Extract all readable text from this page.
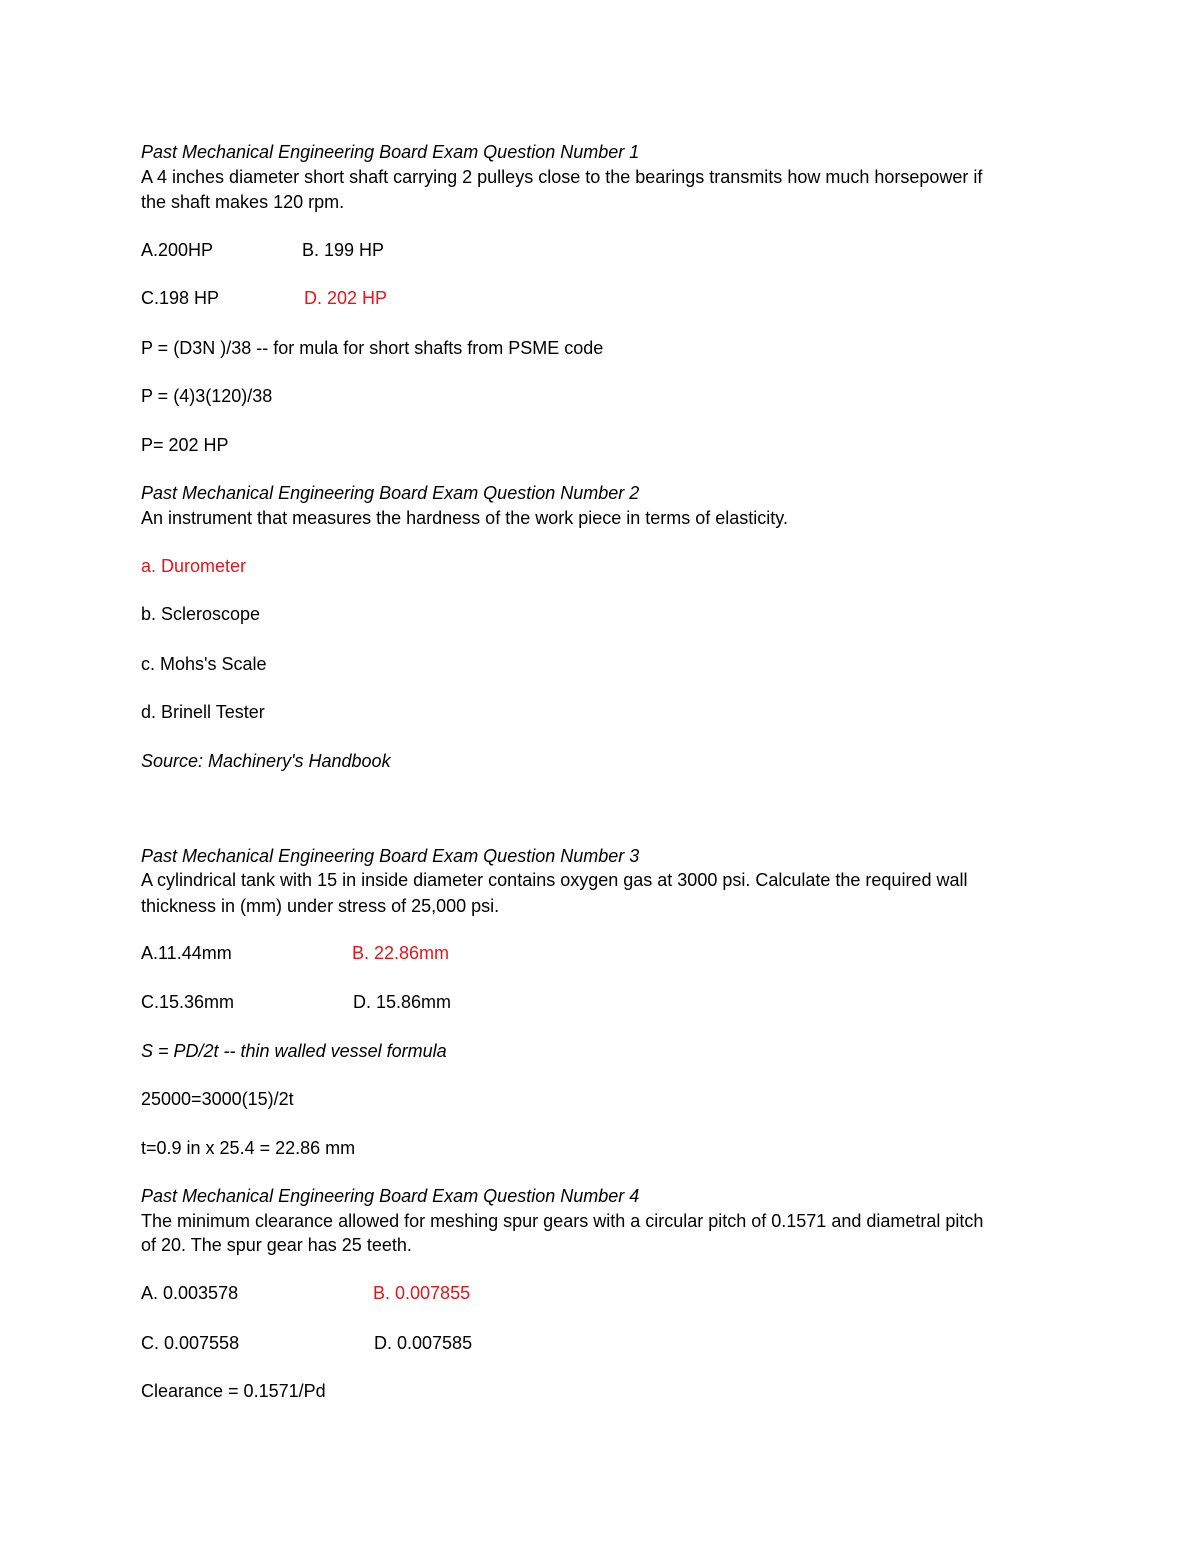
Past Mechanical Engineering Board Exam Question Number 1
A 4 inches diameter short shaft carrying 2 pulleys close to the bearings transmits how much horsepower if
the shaft makes 120 rpm.
A.200HP	B. 199 HP
C.198 HP	D. 202 HP
P = (D3N )/38 -- for mula for short shafts from PSME code
P = (4)3(120)/38
P= 202 HP
Past Mechanical Engineering Board Exam Question Number 2
An instrument that measures the hardness of the work piece in terms of elasticity.
a. Durometer
b. Scleroscope
c. Mohs's Scale
d. Brinell Tester
Source: Machinery's Handbook
Past Mechanical Engineering Board Exam Question Number 3
A cylindrical tank with 15 in inside diameter contains oxygen gas at 3000 psi. Calculate the required wall
thickness in (mm) under stress of 25,000 psi.
A.11.44mm	B. 22.86mm
C.15.36mm	D. 15.86mm
S = PD/2t -- thin walled vessel formula
25000=3000(15)/2t
t=0.9 in x 25.4 = 22.86 mm
Past Mechanical Engineering Board Exam Question Number 4
The minimum clearance allowed for meshing spur gears with a circular pitch of 0.1571 and diametral pitch
of 20. The spur gear has 25 teeth.
A. 0.003578	B. 0.007855
C. 0.007558	D. 0.007585
Clearance = 0.1571/Pd
